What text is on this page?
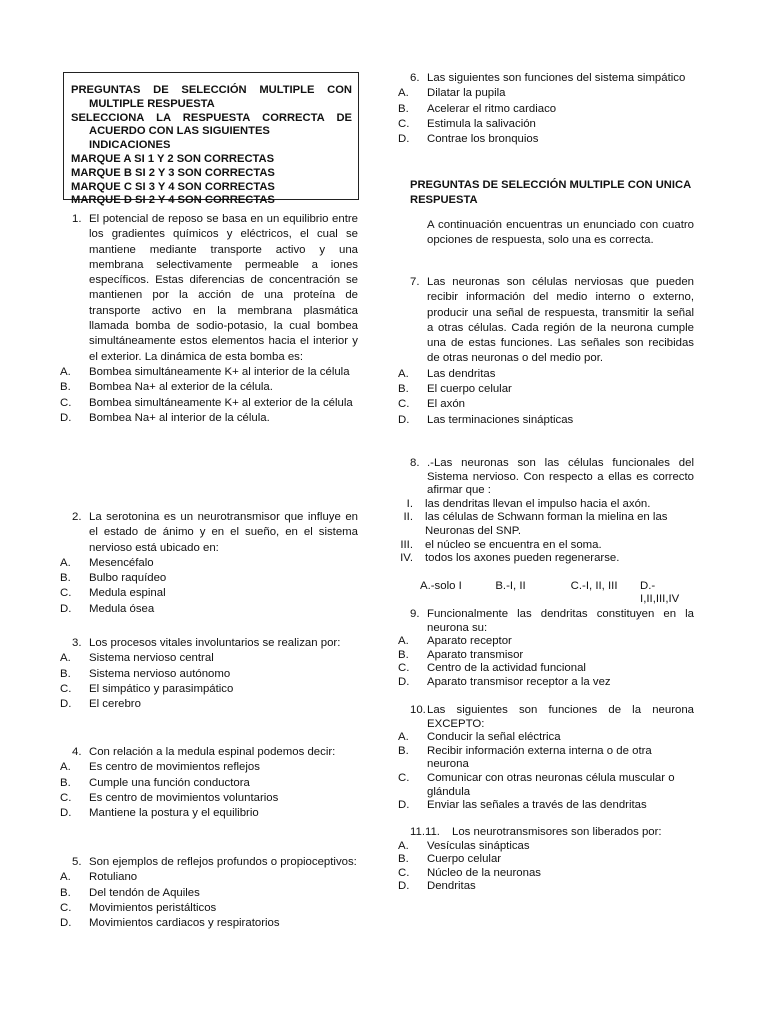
PREGUNTAS DE SELECCIÓN MULTIPLE CON
MULTIPLE RESPUESTA
SELECCIONA LA RESPUESTA CORRECTA DE
ACUERDO CON LAS SIGUIENTES INDICACIONES
MARQUE A SI 1 Y 2 SON CORRECTAS
MARQUE B SI 2 Y 3 SON CORRECTAS
MARQUE C SI 3 Y 4 SON CORRECTAS
MARQUE D SI 2 Y 4 SON CORRECTAS
1. El potencial de reposo se basa en un equilibrio entre los gradientes químicos y eléctricos, el cual se mantiene mediante transporte activo y una membrana selectivamente permeable a iones específicos. Estas diferencias de concentración se mantienen por la acción de una proteína de transporte activo en la membrana plasmática llamada bomba de sodio-potasio, la cual bombea simultáneamente estos elementos hacia el interior y el exterior. La dinámica de esta bomba es:
A.	Bombea simultáneamente K+ al interior de la célula
B.	Bombea Na+ al exterior de la célula.
C.	Bombea simultáneamente K+ al exterior de la célula
D.	Bombea Na+ al interior de la célula.
2. La serotonina es un neurotransmisor que influye en el estado de ánimo y en el sueño, en el sistema nervioso está ubicado en:
A.	Mesencéfalo
B.	Bulbo raquídeo
C.	Medula espinal
D.	Medula ósea
3. Los procesos vitales involuntarios se realizan por:
A.	Sistema nervioso central
B.	Sistema nervioso autónomo
C.	El simpático y parasimpático
D.	El cerebro
4. Con relación a la medula espinal podemos decir:
A.	Es centro de movimientos reflejos
B.	Cumple una función conductora
C.	Es centro de movimientos voluntarios
D.	Mantiene la postura y el equilibrio
5. Son ejemplos de reflejos profundos o propioceptivos:
A.	Rotuliano
B.	Del tendón de Aquiles
C.	Movimientos peristálticos
D.	Movimientos cardiacos y respiratorios
6. Las siguientes son funciones del sistema simpático
A.	Dilatar la pupila
B.	Acelerar el ritmo cardiaco
C.	Estimula la salivación
D.	Contrae los bronquios
PREGUNTAS DE SELECCIÓN MULTIPLE CON UNICA RESPUESTA
A continuación encuentras un enunciado con cuatro opciones de respuesta, solo una es correcta.
7. Las neuronas son células nerviosas que pueden recibir información del medio interno o externo, producir una señal de respuesta, transmitir la señal a otras células. Cada región de la neurona cumple una de estas funciones. Las señales son recibidas de otras neuronas o del medio por.
A.	Las dendritas
B.	El cuerpo celular
C.	El axón
D.	Las terminaciones sinápticas
8. .-Las neuronas son las células funcionales del Sistema nervioso. Con respecto a ellas es correcto afirmar que :
I.	las dendritas llevan el impulso hacia el axón.
II.	las células de Schwann forman la mielina en las Neuronas del SNP.
III.	el núcleo se encuentra en el soma.
IV.	todos los axones pueden regenerarse.
A.-solo I	B.-I, II	C.-I, II, III	D.-I,II,III,IV
9. Funcionalmente las dendritas constituyen en la neurona su:
A.	Aparato receptor
B.	Aparato transmisor
C.	Centro de la actividad funcional
D.	Aparato transmisor receptor a la vez
10. Las siguientes son funciones de la neurona EXCEPTO:
A.	Conducir la señal eléctrica
B.	Recibir información externa interna o de otra neurona
C.	Comunicar con otras neuronas célula muscular o glándula
D.	Enviar las señales a través de las dendritas
11.11.	Los neurotransmisores son liberados por:
A.	Vesículas sinápticas
B.	Cuerpo celular
C.	Núcleo de la neuronas
D.	Dendritas
